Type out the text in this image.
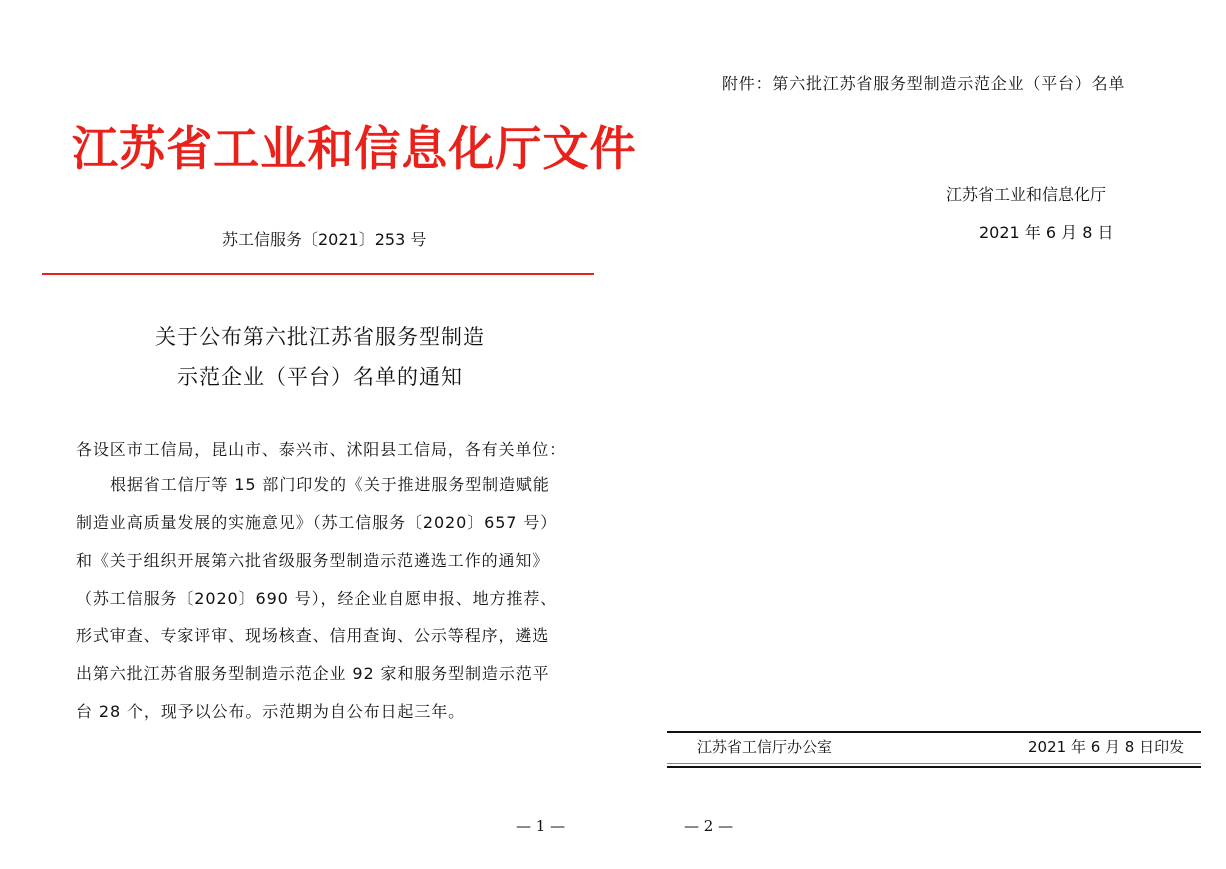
江苏省工业和信息化厅文件
苏工信服务〔2021〕253 号
关于公布第六批江苏省服务型制造
示范企业（平台）名单的通知
各设区市工信局，昆山市、泰兴市、沭阳县工信局，各有关单位：
根据省工信厅等 15 部门印发的《关于推进服务型制造赋能
制造业高质量发展的实施意见》（苏工信服务〔2020〕657 号）
和《关于组织开展第六批省级服务型制造示范遴选工作的通知》
（苏工信服务〔2020〕690 号），经企业自愿申报、地方推荐、
形式审查、专家评审、现场核查、信用查询、公示等程序，遴选
出第六批江苏省服务型制造示范企业 92 家和服务型制造示范平
台 28 个，现予以公布。示范期为自公布日起三年。
— 1 —
附件：第六批江苏省服务型制造示范企业（平台）名单
江苏省工业和信息化厅
2021 年 6 月 8 日
江苏省工信厅办公室	2021 年 6 月 8 日印发
— 2 —
